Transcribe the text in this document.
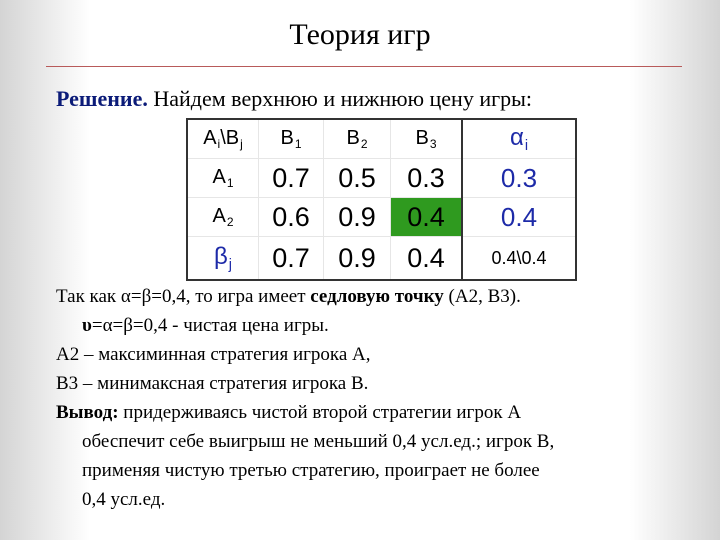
Теория игр
Решение. Найдем верхнюю и нижнюю цену игры:
$A_i\backslash B_j$	$B_1$	$B_2$	$B_3$	$\alpha_i$
$A_1$	0.7	0.5	0.3	0.3
$A_2$	0.6	0.9	0.4	0.4
$\beta_j$	0.7	0.9	0.4	0.4\0.4
Так как α=β=0,4, то игра имеет седловую точку (А2, В3).
υ=α=β=0,4 - чистая цена игры.
А2 – максиминная стратегия игрока А,
В3 – минимаксная стратегия игрока В.
Вывод: придерживаясь чистой второй стратегии игрок А
обеспечит себе выигрыш не меньший 0,4 усл.ед.; игрок В,
применяя чистую третью стратегию, проиграет не более
0,4 усл.ед.
